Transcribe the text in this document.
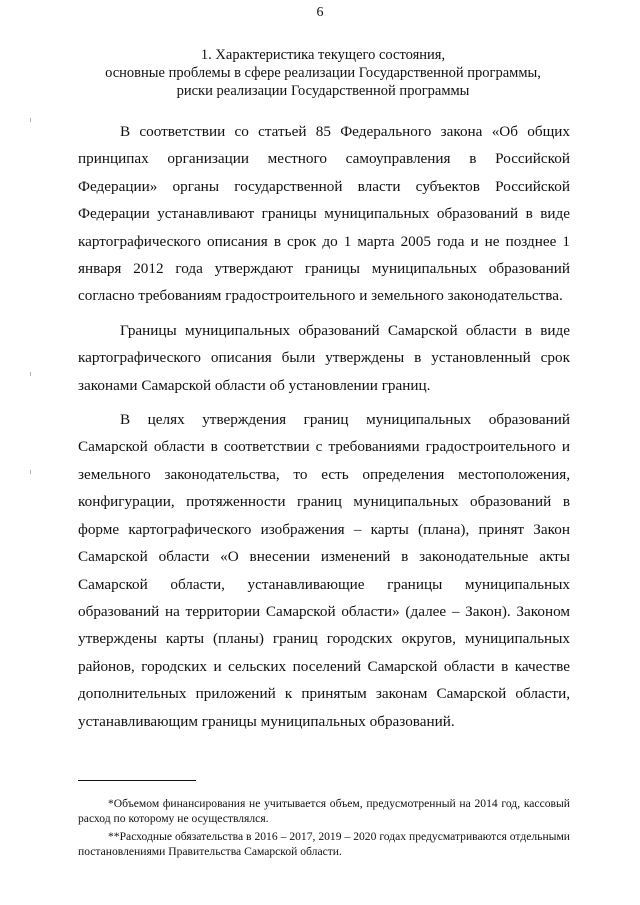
6
1. Характеристика текущего состояния,
основные проблемы в сфере реализации Государственной программы,
риски реализации Государственной программы

В соответствии со статьей 85 Федерального закона «Об общих принципах организации местного самоуправления в Российской Федерации» органы государственной власти субъектов Российской Федерации устанавливают границы муниципальных образований в виде картографического описания в срок до 1 марта 2005 года и не позднее 1 января 2012 года утверждают границы муниципальных образований согласно требованиям градостроительного и земельного законодательства.

Границы муниципальных образований Самарской области в виде картографического описания были утверждены в установленный срок законами Самарской области об установлении границ.

В целях утверждения границ муниципальных образований Самарской области в соответствии с требованиями градостроительного и земельного законодательства, то есть определения местоположения, конфигурации, протяженности границ муниципальных образований в форме картографического изображения – карты (плана), принят Закон Самарской области «О внесении изменений в законодательные акты Самарской области, устанавливающие границы муниципальных образований на территории Самарской области» (далее – Закон). Законом утверждены карты (планы) границ городских округов, муниципальных районов, городских и сельских поселений Самарской области в качестве дополнительных приложений к принятым законам Самарской области, устанавливающим границы муниципальных образований.

*Объемом финансирования не учитывается объем, предусмотренный на 2014 год, кассовый расход по которому не осуществлялся.

**Расходные обязательства в 2016 – 2017, 2019 – 2020 годах предусматриваются отдельными постановлениями Правительства Самарской области.
